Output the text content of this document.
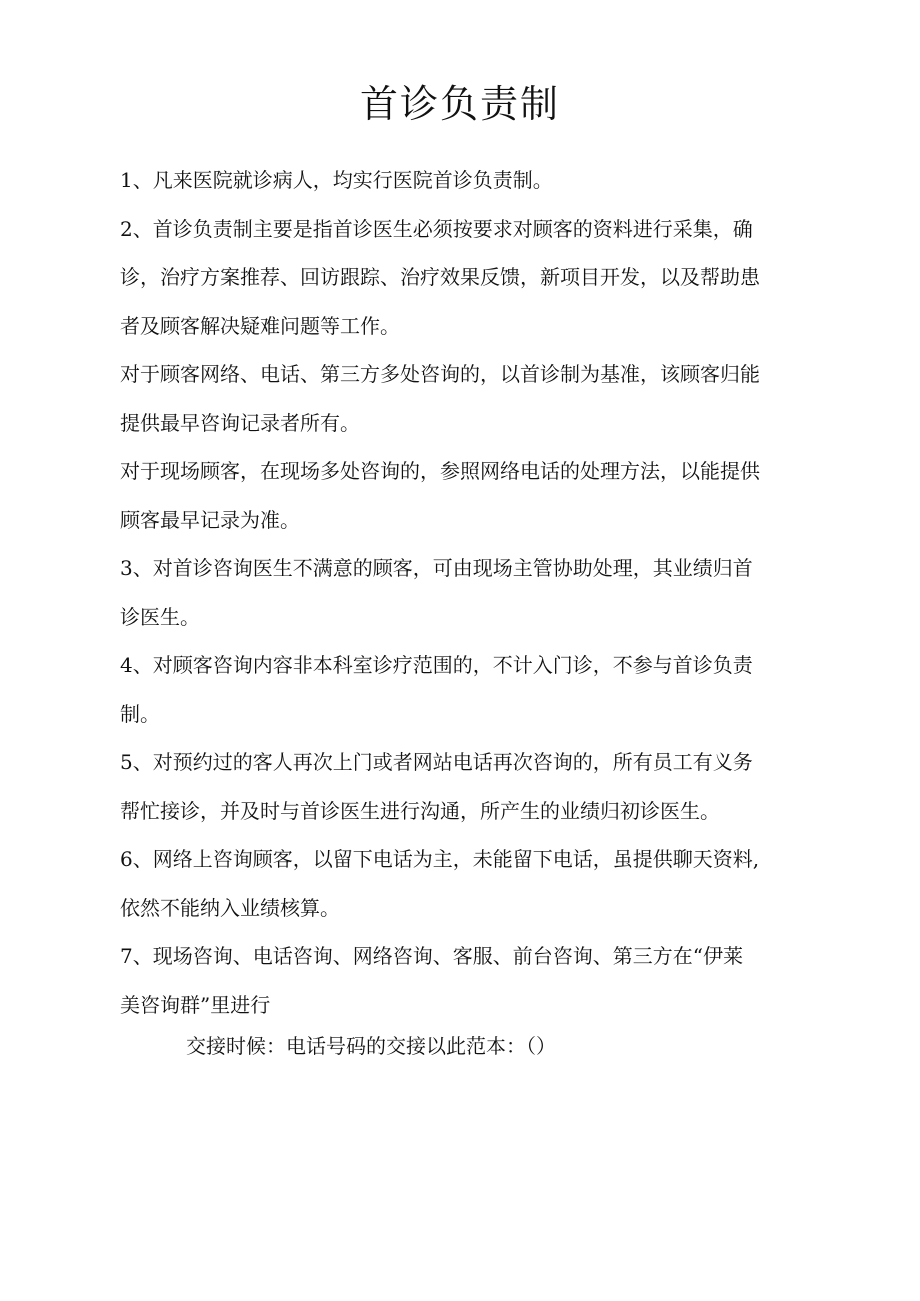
首诊负责制

1、凡来医院就诊病人，均实行医院首诊负责制。
2、首诊负责制主要是指首诊医生必须按要求对顾客的资料进行采集，确
诊，治疗方案推荐、回访跟踪、治疗效果反馈，新项目开发，以及帮助患
者及顾客解决疑难问题等工作。
对于顾客网络、电话、第三方多处咨询的，以首诊制为基准，该顾客归能
提供最早咨询记录者所有。
对于现场顾客，在现场多处咨询的，参照网络电话的处理方法，以能提供
顾客最早记录为准。
3、对首诊咨询医生不满意的顾客，可由现场主管协助处理，其业绩归首
诊医生。
4、对顾客咨询内容非本科室诊疗范围的，不计入门诊，不参与首诊负责
制。
5、对预约过的客人再次上门或者网站电话再次咨询的，所有员工有义务
帮忙接诊，并及时与首诊医生进行沟通，所产生的业绩归初诊医生。
6、网络上咨询顾客，以留下电话为主，未能留下电话，虽提供聊天资料,
依然不能纳入业绩核算。
7、现场咨询、电话咨询、网络咨询、客服、前台咨询、第三方在“伊莱
美咨询群”里进行
交接时候：电话号码的交接以此范本：（）
